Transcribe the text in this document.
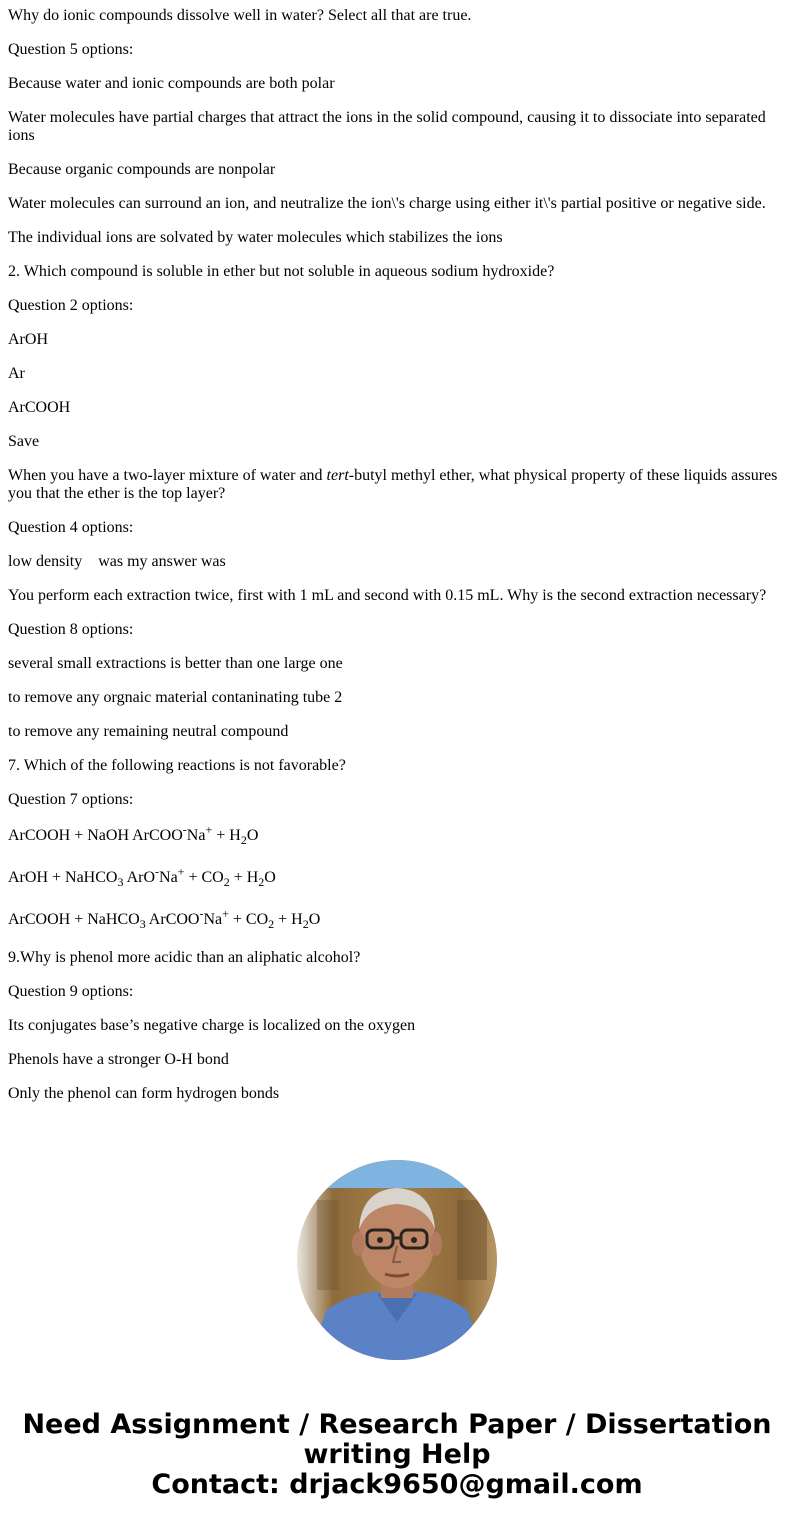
Why do ionic compounds dissolve well in water? Select all that are true.

Question 5 options:

Because water and ionic compounds are both polar

Water molecules have partial charges that attract the ions in the solid compound, causing it to dissociate into separated ions

Because organic compounds are nonpolar

Water molecules can surround an ion, and neutralize the ion\'s charge using either it\'s partial positive or negative side.

The individual ions are solvated by water molecules which stabilizes the ions

2. Which compound is soluble in ether but not soluble in aqueous sodium hydroxide?

Question 2 options:

ArOH

Ar

ArCOOH

Save

When you have a two-layer mixture of water and tert-butyl methyl ether, what physical property of these liquids assures you that the ether is the top layer?

Question 4 options:

low density    was my answer was

You perform each extraction twice, first with 1 mL and second with 0.15 mL. Why is the second extraction necessary?

Question 8 options:

several small extractions is better than one large one

to remove any orgnaic material contaninating tube 2

to remove any remaining neutral compound

7. Which of the following reactions is not favorable?

Question 7 options:

ArCOOH + NaOH ArCOO-Na+ + $H_2O$

ArOH + NaHCO$_3$ $ArO^-Na^+ + CO_2 + H_2O$

ArCOOH + NaHCO$_3$ ArCOO-Na+ + $CO_2 + H_2O$

9.Why is phenol more acidic than an aliphatic alcohol?

Question 9 options:

Its conjugates base’s negative charge is localized on the oxygen

Phenols have a stronger O-H bond

Only the phenol can form hydrogen bonds

Need Assignment / Research Paper / Dissertation
writing Help
Contact: drjack9650@gmail.com
